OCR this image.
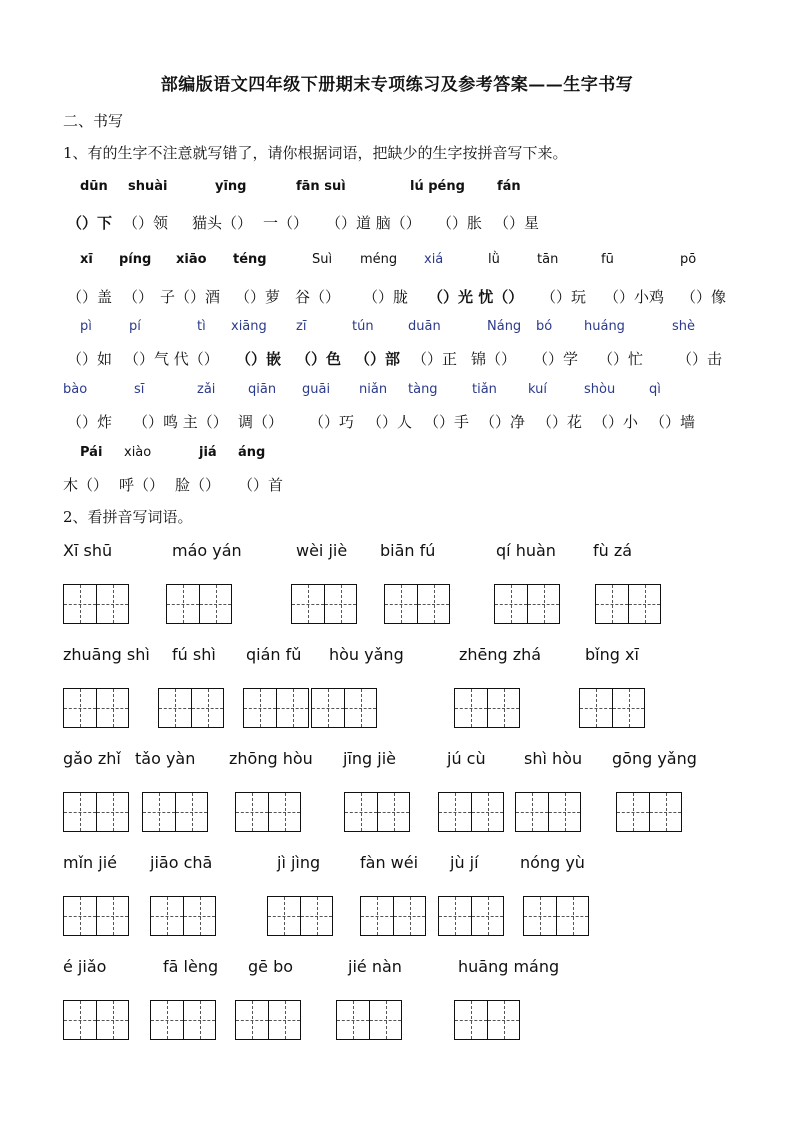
部编版语文四年级下册期末专项练习及参考答案——生字书写
二、书写
1、有的生字不注意就写错了，请你根据词语，把缺少的生字按拼音写下来。
dūn shuài	yīng	fān suì	lú péng fán
（）下 （）领 猫头（） 一（） （）道 脑（） （）胀 （）星
xī píng xiāo téng	Suì méng xiá	lǜ	tān	fū	pō
（）盖 （） 子（）酒 （）萝 谷（） （）胧 （）光 忧（） （）玩 （）小鸡 （）像
pì	pí	tì xiāng zī	tún	duān	Náng bó huáng	shè
（）如 （）气 代（） （）嵌 （）色 （）部 （）正 锦（） （）学 （）忙 （）击
bào	sī	zǎi	qiān guāi niǎn tàng	tiǎn kuí	shòu	qì
（）炸 （）鸣 主（） 调（） （）巧 （）人 （）手 （）净 （）花 （）小 （）墙
Pái xiào	jiá áng
木（） 呼（） 脸（） （）首
2、看拼音写词语。
Xī shū	máo yán	wèi jiè biān fú	qí huàn fù zá
zhuāng shì fú shì qián fǔ hòu yǎng	zhēng zhá	bǐng xī
gǎo zhǐ tǎo yàn zhōng hòu jīng jiè	jú cù shì hòu gōng yǎng
mǐn jié jiāo chā	jì jìng fàn wéi jù jí	nóng yù
é jiǎo	fā lèng gē bo	jié nàn	huāng máng
